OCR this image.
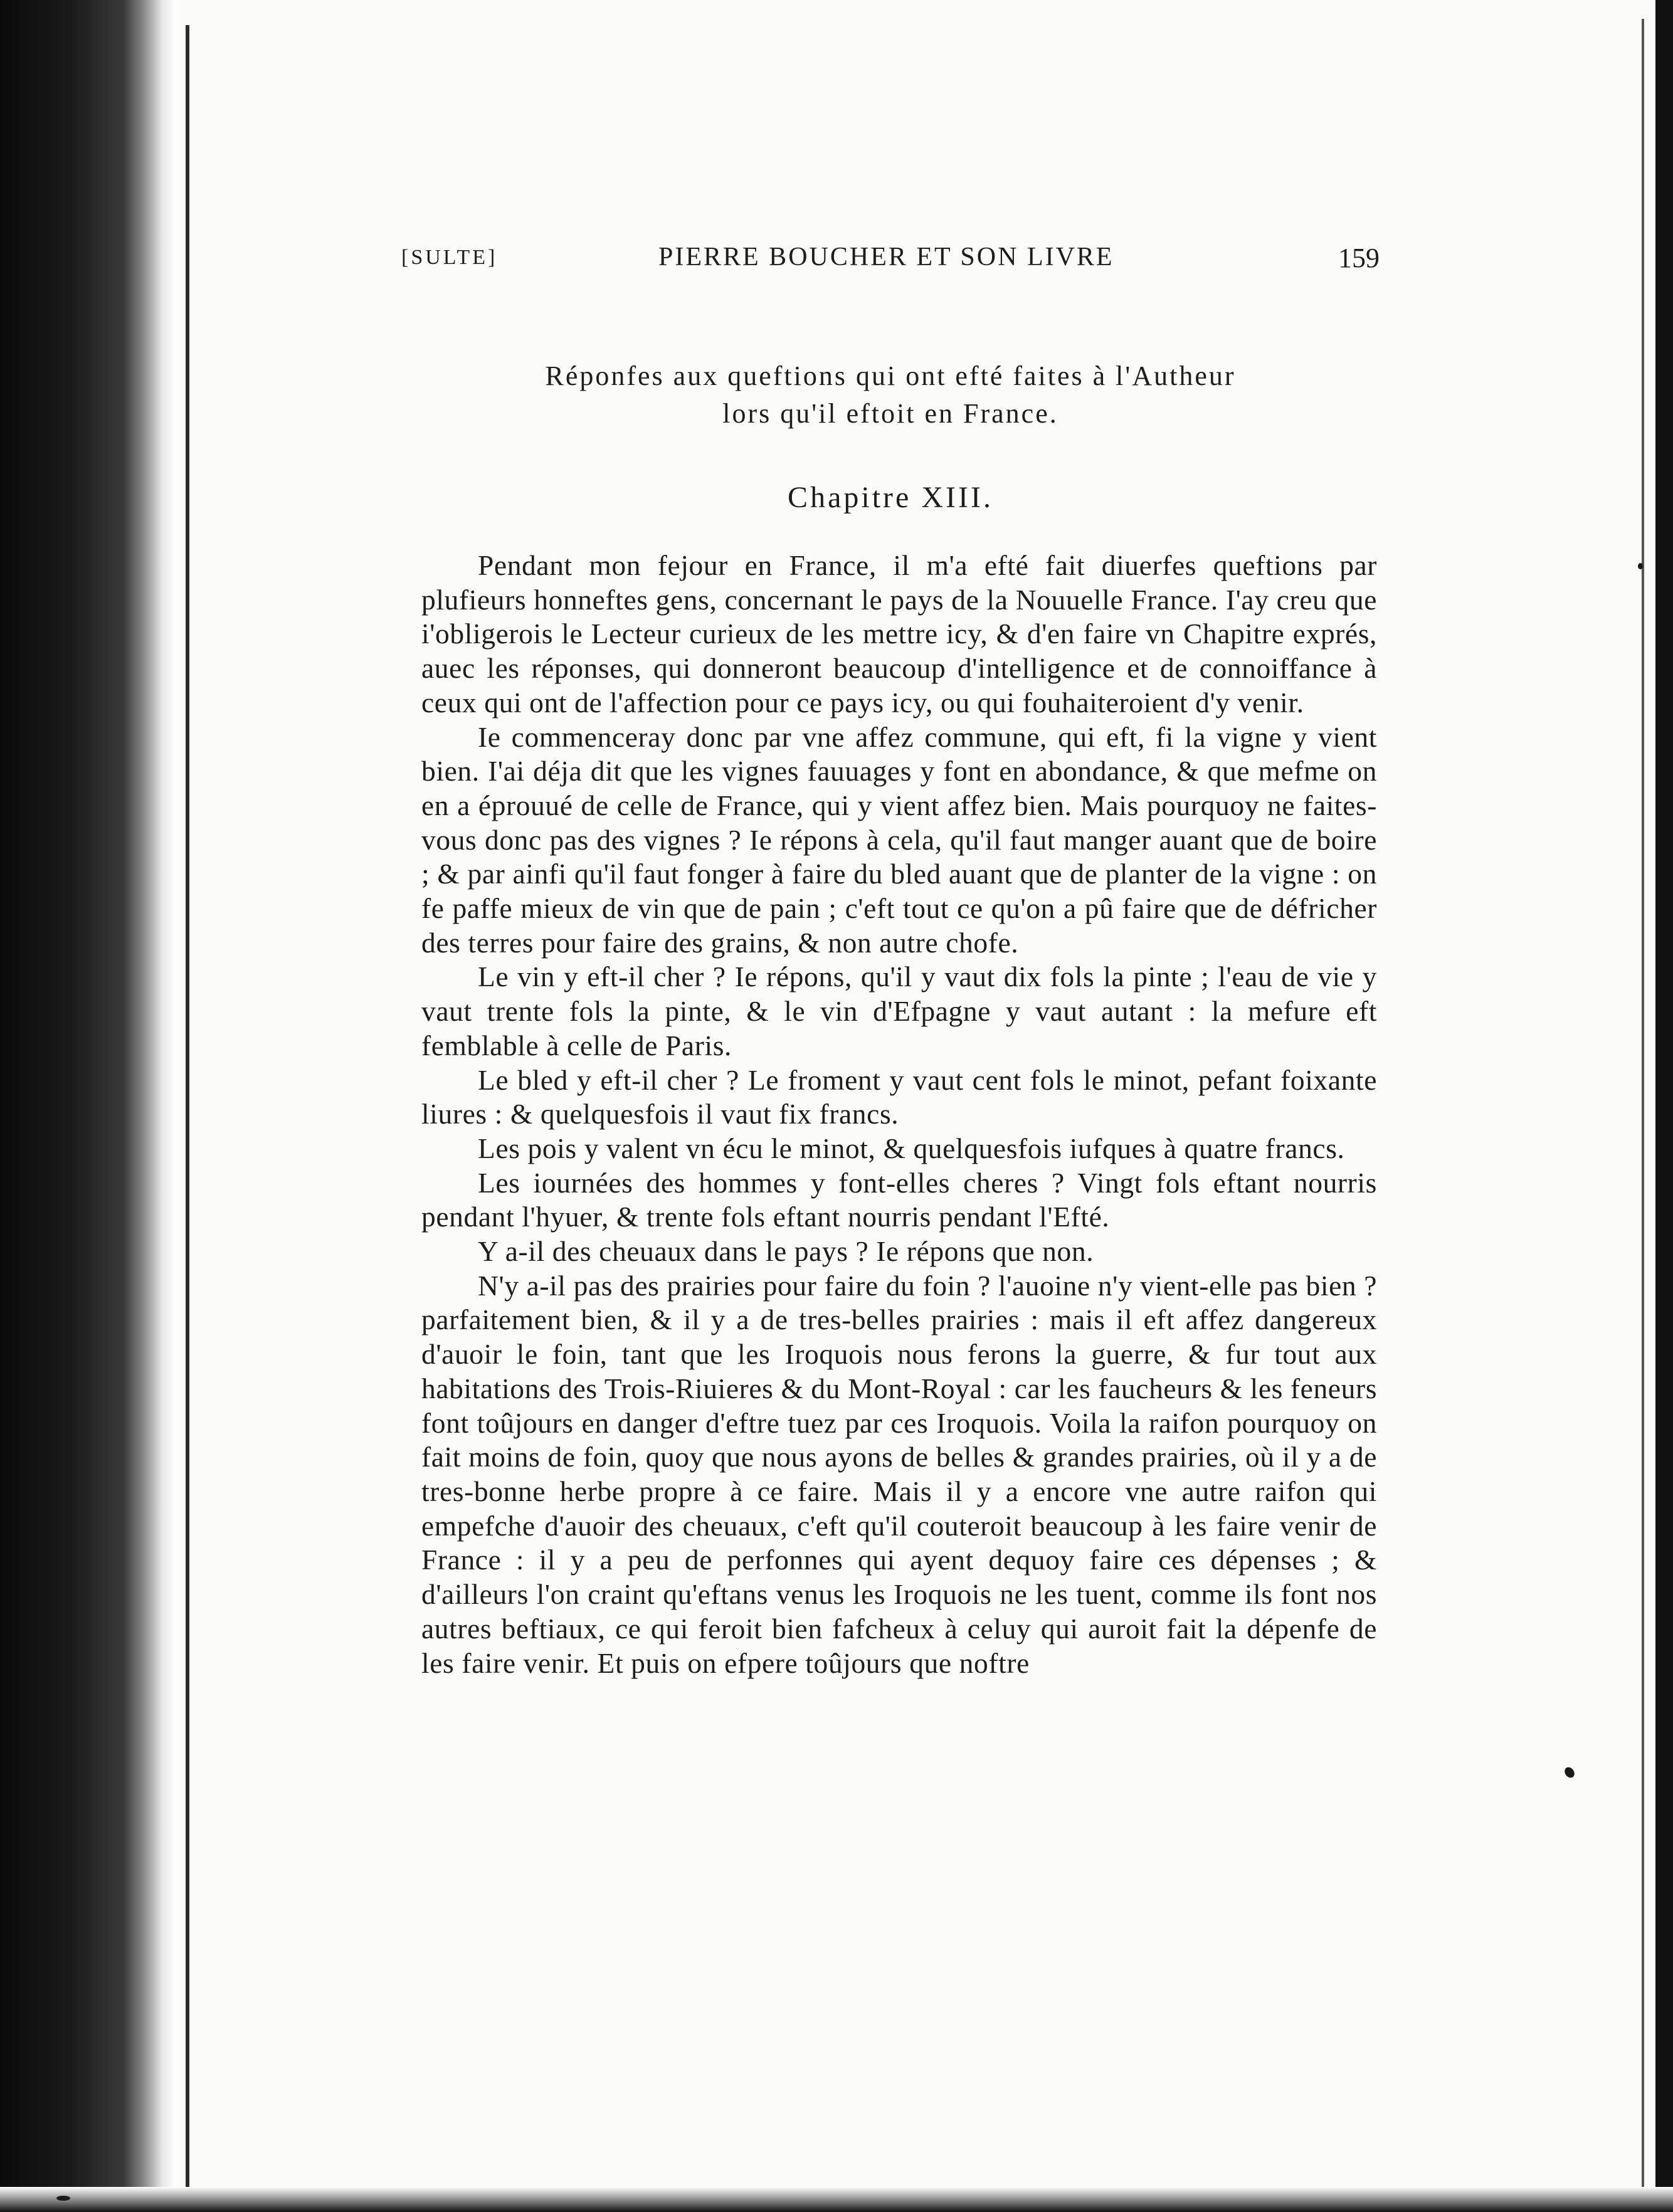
[SULTE]	PIERRE BOUCHER ET SON LIVRE	159
Réponfes aux queftions qui ont efté faites à l'Autheur
lors qu'il eftoit en France.
Chapitre XIII.

Pendant mon fejour en France, il m'a efté fait diuerfes queftions par plufieurs honneftes gens, concernant le pays de la Nouuelle France. I'ay creu que i'obligerois le Lecteur curieux de les mettre icy, & d'en faire vn Chapitre exprés, auec les réponses, qui donneront beaucoup d'intelligence et de connoiffance à ceux qui ont de l'affection pour ce pays icy, ou qui fouhaiteroient d'y venir.

Ie commenceray donc par vne affez commune, qui eft, fi la vigne y vient bien. I'ai déja dit que les vignes fauuages y font en abondance, & que mefme on en a éprouué de celle de France, qui y vient affez bien. Mais pourquoy ne faites-vous donc pas des vignes ? Ie répons à cela, qu'il faut manger auant que de boire ; & par ainfi qu'il faut fonger à faire du bled auant que de planter de la vigne : on fe paffe mieux de vin que de pain ; c'eft tout ce qu'on a pû faire que de défricher des terres pour faire des grains, & non autre chofe.

Le vin y eft-il cher ? Ie répons, qu'il y vaut dix fols la pinte ; l'eau de vie y vaut trente fols la pinte, & le vin d'Efpagne y vaut autant : la mefure eft femblable à celle de Paris.

Le bled y eft-il cher ? Le froment y vaut cent fols le minot, pefant foixante liures : & quelquesfois il vaut fix francs.

Les pois y valent vn écu le minot, & quelquesfois iufques à quatre francs.

Les iournées des hommes y font-elles cheres ? Vingt fols eftant nourris pendant l'hyuer, & trente fols eftant nourris pendant l'Efté.

Y a-il des cheuaux dans le pays ? Ie répons que non.

N'y a-il pas des prairies pour faire du foin ? l'auoine n'y vient-elle pas bien ? parfaitement bien, & il y a de tres-belles prairies : mais il eft affez dangereux d'auoir le foin, tant que les Iroquois nous ferons la guerre, & fur tout aux habitations des Trois-Riuieres & du Mont-Royal : car les faucheurs & les feneurs font toûjours en danger d'eftre tuez par ces Iroquois. Voila la raifon pourquoy on fait moins de foin, quoy que nous ayons de belles & grandes prairies, où il y a de tres-bonne herbe propre à ce faire. Mais il y a encore vne autre raifon qui empefche d'auoir des cheuaux, c'eft qu'il couteroit beaucoup à les faire venir de France : il y a peu de perfonnes qui ayent dequoy faire ces dépenses ; & d'ailleurs l'on craint qu'eftans venus les Iroquois ne les tuent, comme ils font nos autres beftiaux, ce qui feroit bien fafcheux à celuy qui auroit fait la dépenfe de les faire venir. Et puis on efpere toûjours que noftre
